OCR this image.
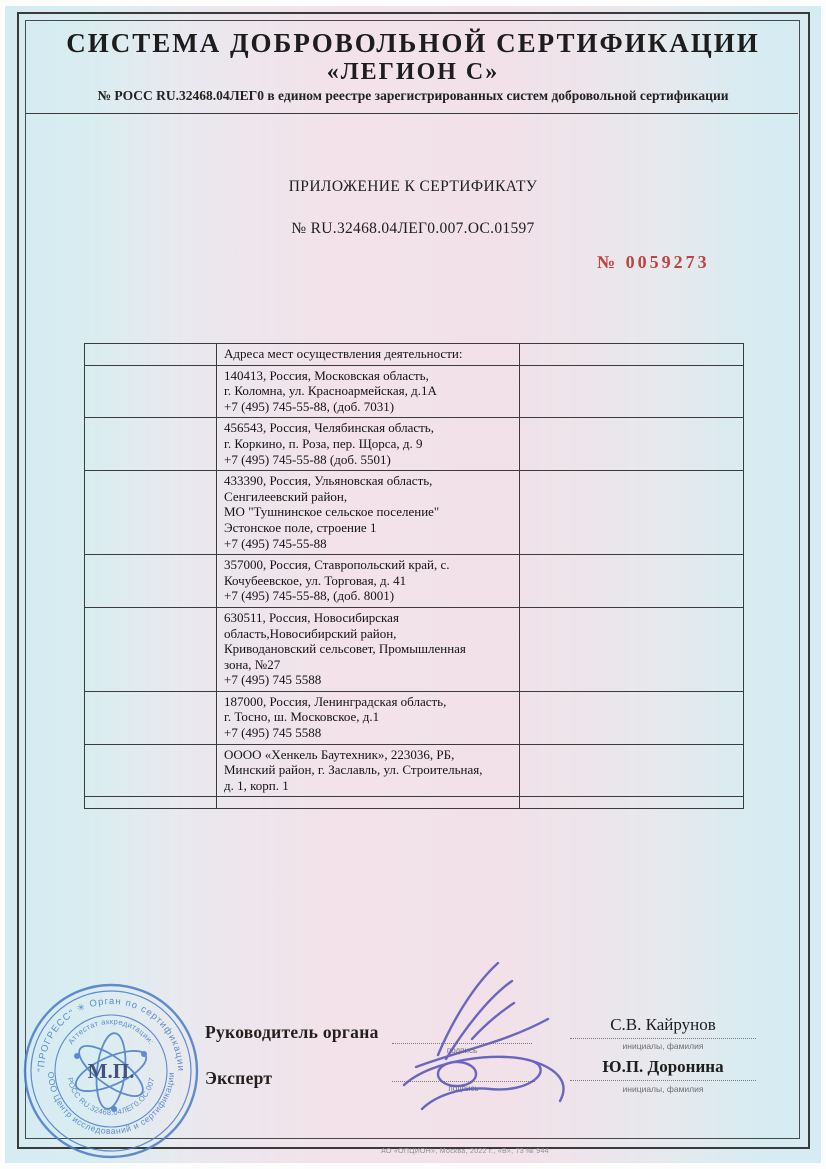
СИСТЕМА ДОБРОВОЛЬНОЙ СЕРТИФИКАЦИИ
«ЛЕГИОН С»
№ РОСС RU.32468.04ЛЕГ0 в едином реестре зарегистрированных систем добровольной сертификации
ПРИЛОЖЕНИЕ К СЕРТИФИКАТУ
№ RU.32468.04ЛЕГ0.007.ОС.01597
№ 0059273
Адреса мест осуществления деятельности:
140413, Россия, Московская область,
г. Коломна, ул. Красноармейская, д.1А
+7 (495) 745-55-88, (доб. 7031)
456543, Россия, Челябинская область,
г. Коркино, п. Роза, пер. Щорса, д. 9
+7 (495) 745-55-88 (доб. 5501)
433390, Россия, Ульяновская область,
Сенгилеевский район,
МО "Тушнинское сельское поселение"
Эстонское поле, строение 1
+7 (495) 745-55-88
357000, Россия, Ставропольский край, с.
Кочубеевское, ул. Торговая, д. 41
+7 (495) 745-55-88, (доб. 8001)
630511, Россия, Новосибирская
область,Новосибирский район,
Криводановский сельсовет, Промышленная
зона, №27
+7 (495) 745 5588
187000, Россия, Ленинградская область,
г. Тосно, ш. Московское, д.1
+7 (495) 745 5588
ОООО «Хенкель Баутехник», 223036, РБ,
Минский район, г. Заславль, ул. Строительная,
д. 1, корп. 1
Руководитель органа
Эксперт
подпись
подпись
С.В. Кайрунов
инициалы, фамилия
Ю.П. Доронина
инициалы, фамилия
"ПРОГРЕСС" ✳ Орган по сертификации
ООО Центр исследований и сертификации
Аттестат аккредитации:
РОСС RU.32468.04ЛЕГ0.ОС.007
М.П.
АО «ОПЦИОН», Москва, 2022 г., «В», 73 № 944
